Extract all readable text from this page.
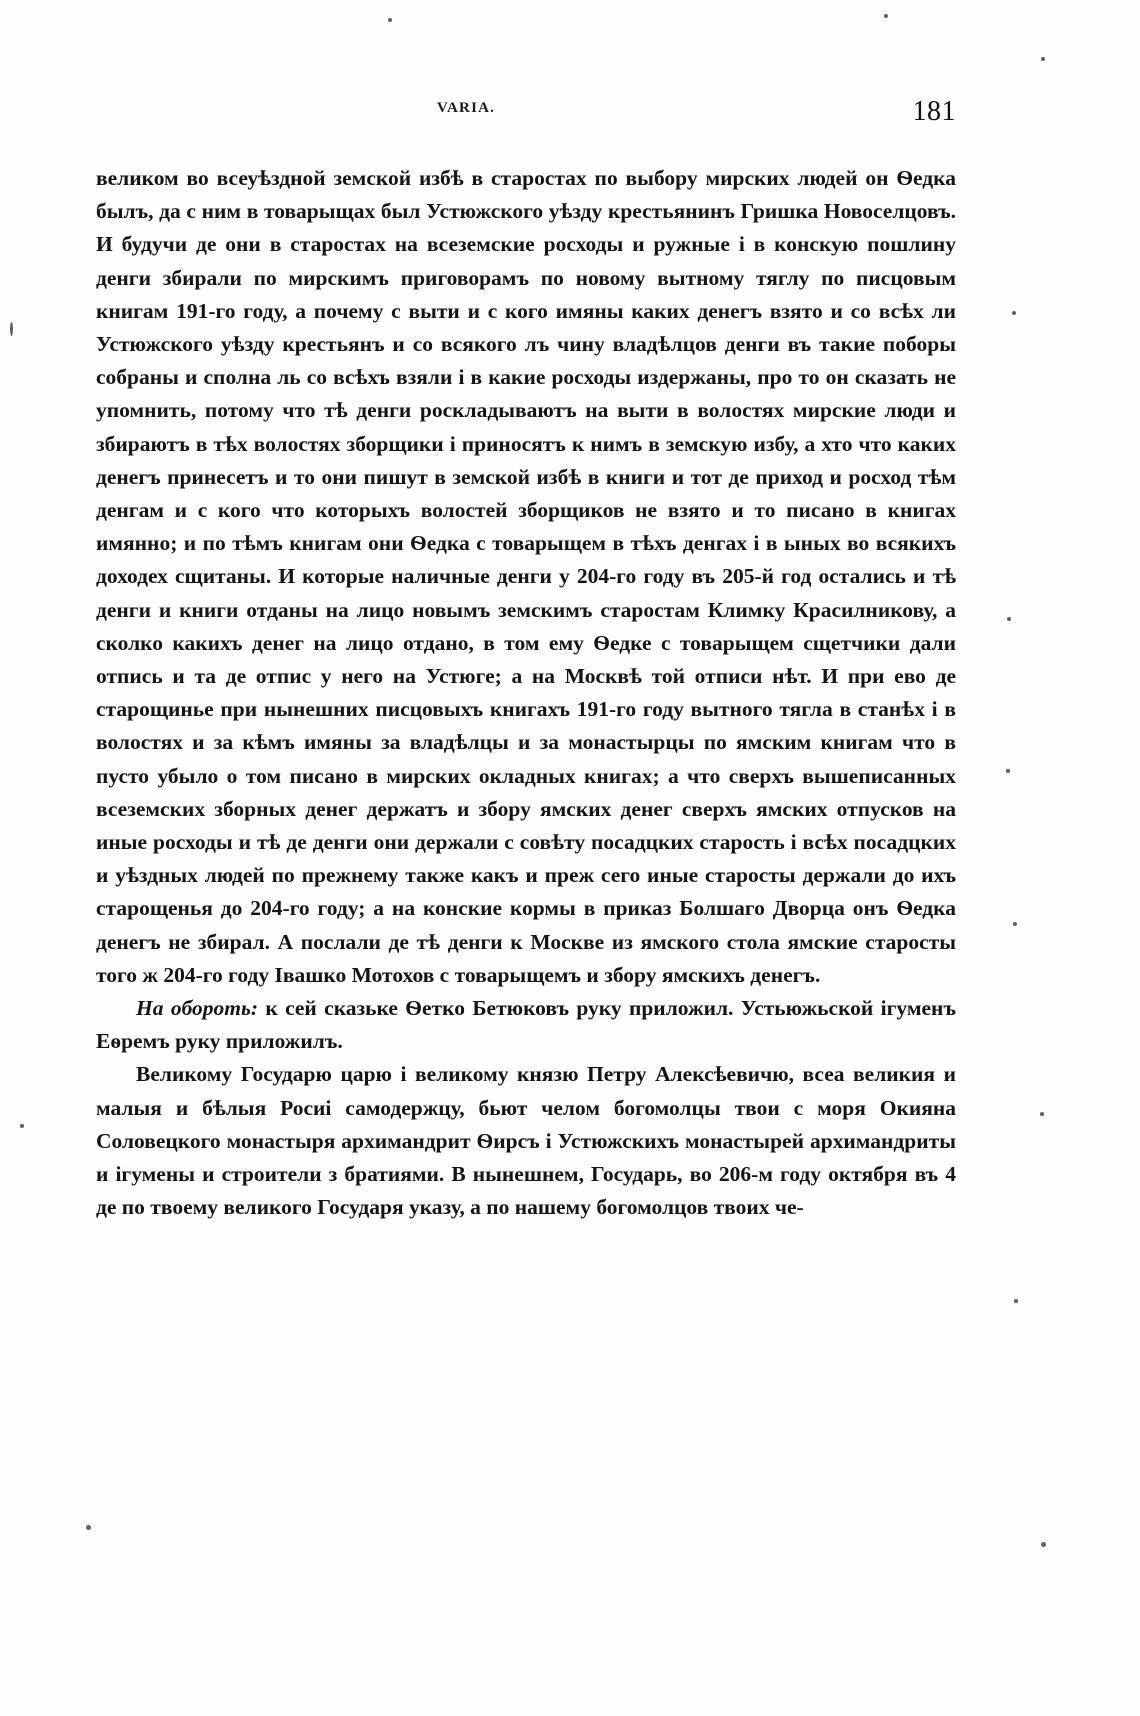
VARIA.	181

великом во всеуѣздной земской избѣ в старостах по выбору мирских людей он Ѳедка былъ, да с ним в товарыщах был Устюжского уѣзду крестьянинъ Гришка Новоселцовъ. И будучи де они в старостах на всеземские росходы и ружные і в конскую пошлину денги збирали по мирскимъ приговорамъ по новому вытному тяглу по писцовым книгам 191-го году, а почему с выти и с кого имяны каких денегъ взято и со всѣх ли Устюжского уѣзду крестьянъ и со всякого лъ чину владѣлцов денги въ такие поборы собраны и сполна ль со всѣхъ взяли і в какие росходы издержаны, про то он сказать не упомнить, потому что тѣ денги роскладываютъ на выти в волостях мирские люди и збираютъ в тѣх волостях зборщики і приносятъ к нимъ в земскую избу, а хто что каких денегъ принесетъ и то они пишут в земской избѣ в книги и тот де приход и росход тѣм денгам и с кого что которыхъ волостей зборщиков не взято и то писано в книгах имянно; и по тѣмъ книгам они Ѳедка с товарыщем в тѣхъ денгах і в ыных во всякихъ доходех сщитаны. И которые наличные денги у 204-го году въ 205-й год остались и тѣ денги и книги отданы на лицо новымъ земскимъ старостам Климку Красилникову, а сколко какихъ денег на лицо отдано, в том ему Ѳедке с товарыщем сщетчики дали отпись и та де отпис у него на Устюге; а на Москвѣ той отписи нѣт. И при ево де старощинье при нынешних писцовыхъ книгахъ 191-го году вытного тягла в станѣх і в волостях и за кѣмъ имяны за владѣлцы и за монастырцы по ямским книгам что в пусто убыло о том писано в мирских окладных книгах; а что сверхъ вышеписанных всеземских зборных денег держатъ и збору ямских денег сверхъ ямских отпусков на иные росходы и тѣ де денги они держали с совѣту посадцких старость і всѣх посадцких и уѣздных людей по прежнему также какъ и преж сего иные старосты держали до ихъ старощенья до 204-го году; а на конские кормы в приказ Болшаго Дворца онъ Ѳедка денегъ не збирал. А послали де тѣ денги к Москве из ямского стола ямские старосты того ж 204-го году Івашко Мотохов с товарыщемъ и збору ямскихъ денегъ.

На обороть: к сей сказьке Ѳетко Бетюковъ руку приложил. Устьюжьской ігуменъ Еѳремъ руку приложилъ.

Великому Государю царю і великому князю Петру Алексѣевичю, всеа великия и малыя и бѣлыя Росиі самодержцу, бьют челом богомолцы твои с моря Окияна Соловецкого монастыря архимандрит Ѳирсъ і Устюжскихъ монастырей архимандриты и ігумены и строители з братиями. В нынешнем, Государь, во 206-м году октября въ 4 де по твоему великого Государя указу, а по нашему богомолцов твоих че-
